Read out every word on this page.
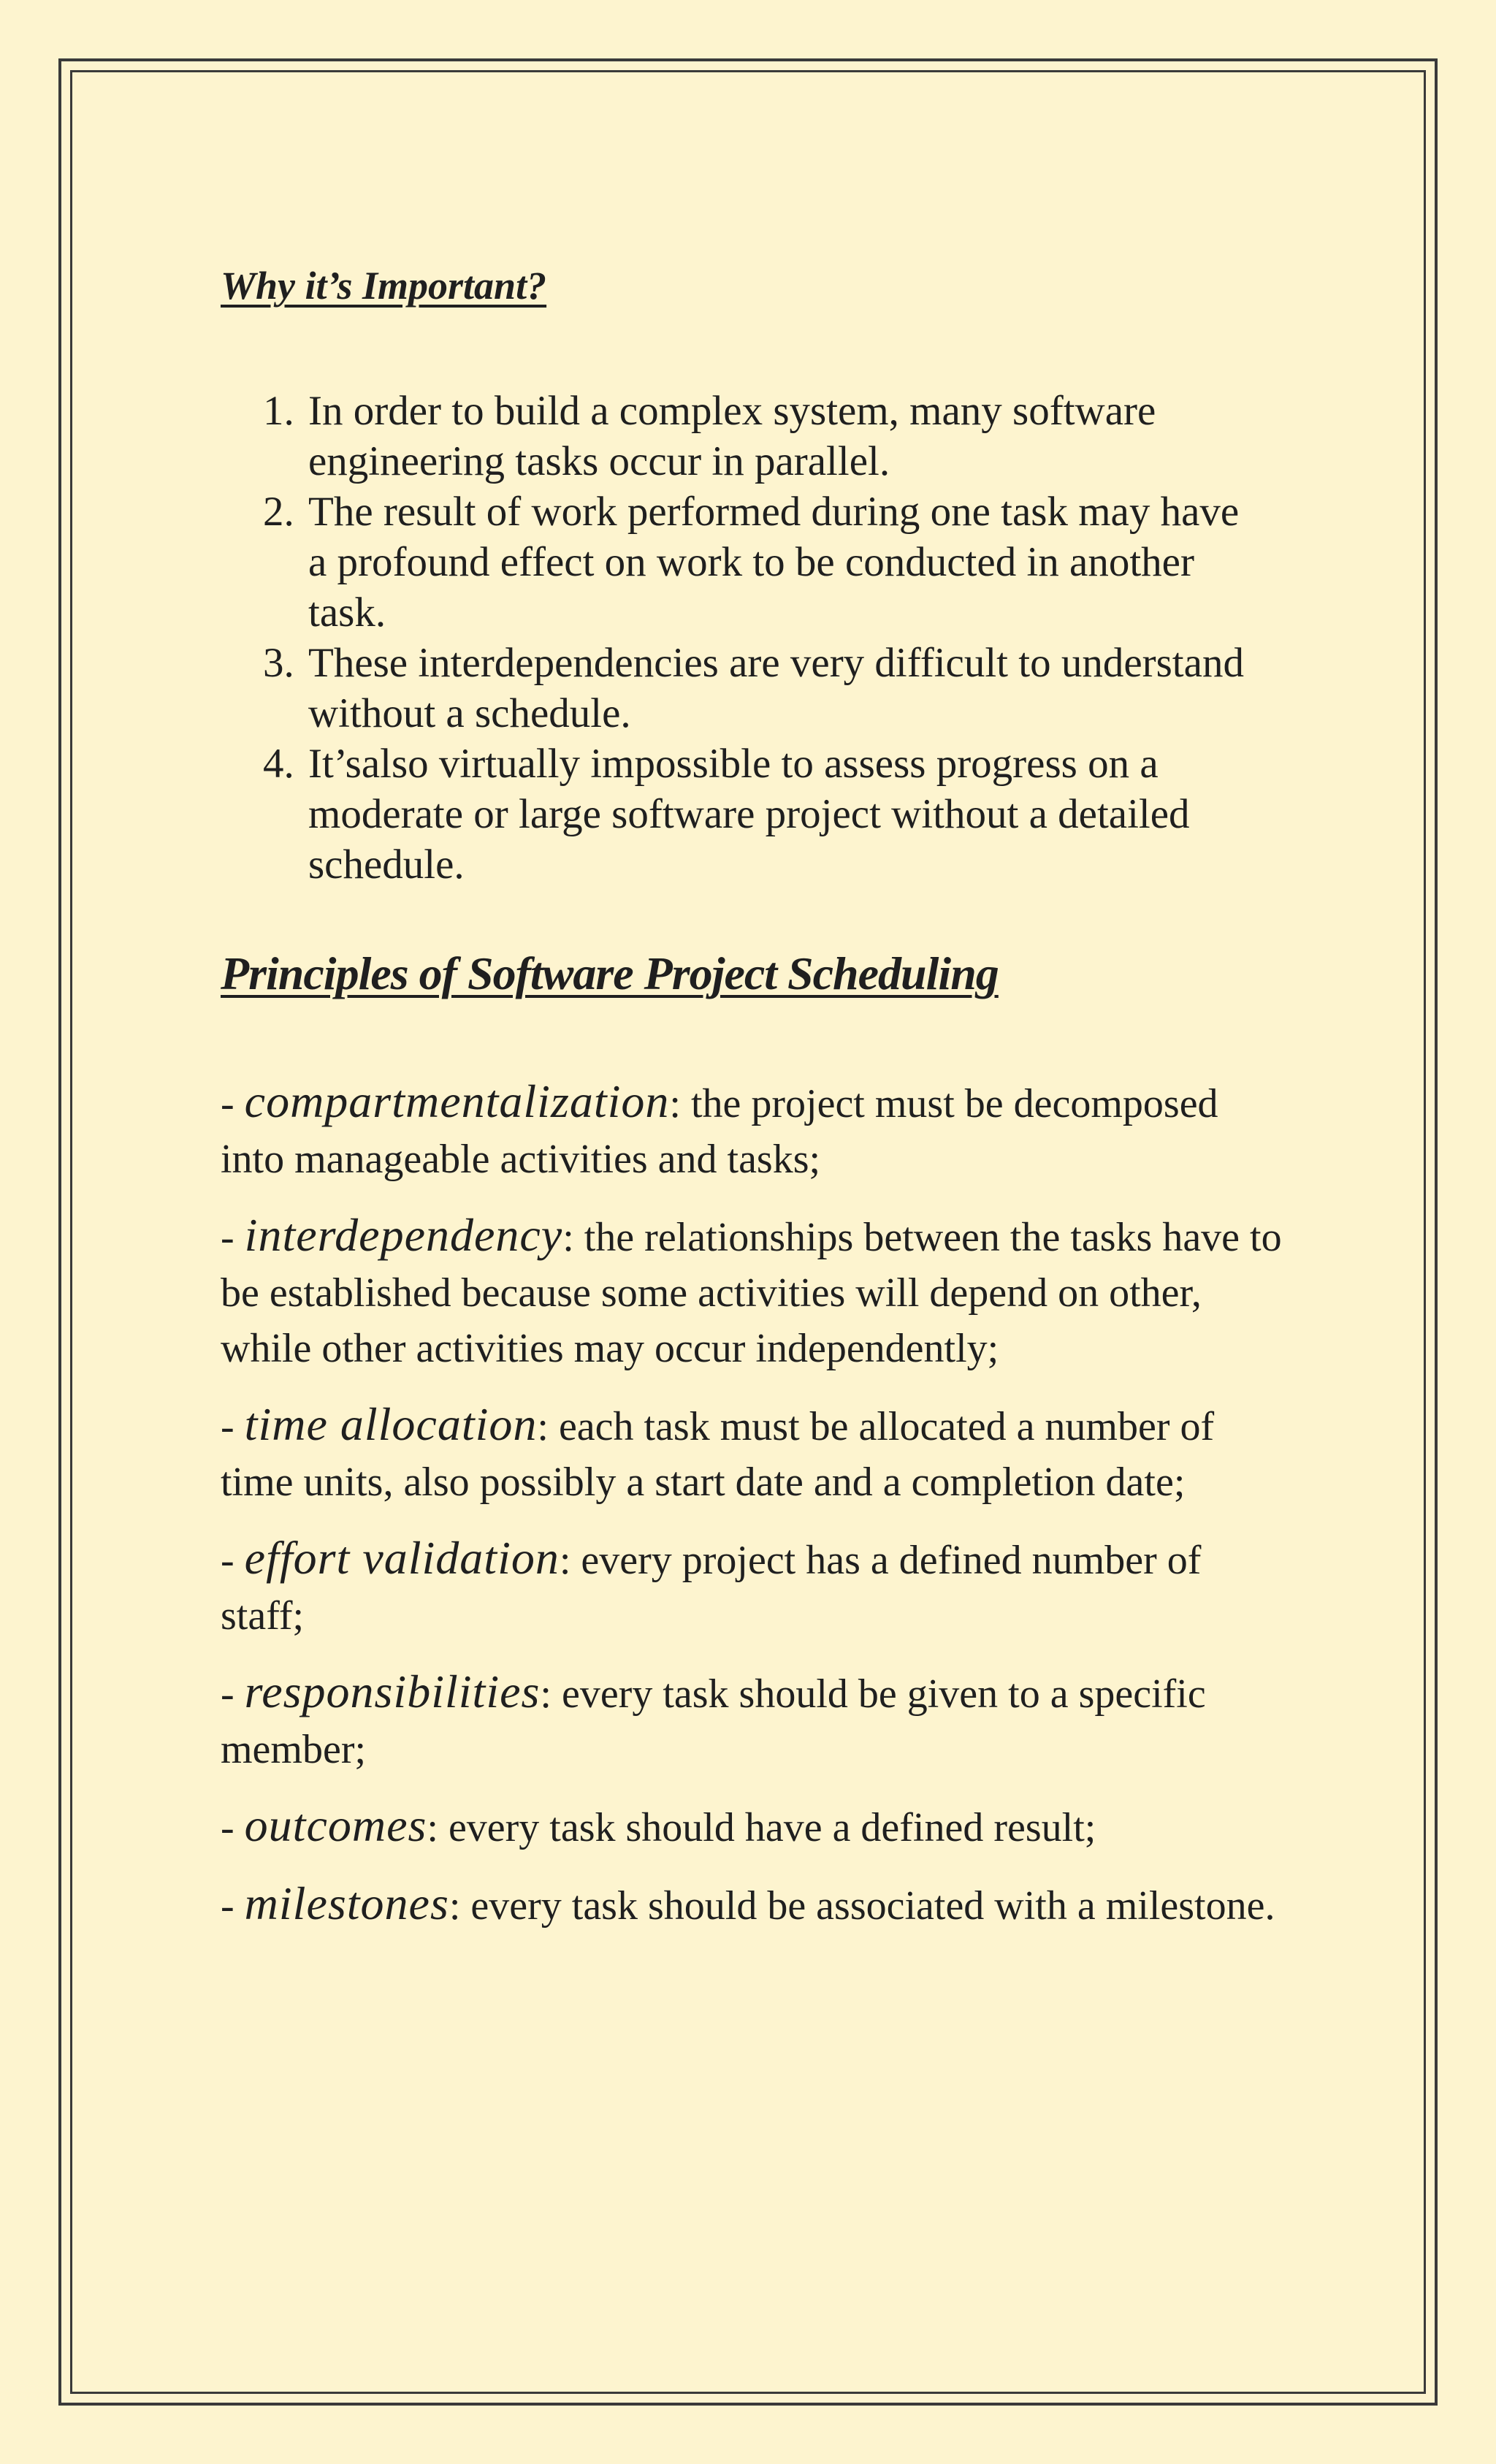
Why it’s Important?
1. In order to build a complex system, many software engineering tasks occur in parallel.
2. The result of work performed during one task may have a profound effect on work to be conducted in another task.
3. These interdependencies are very difficult to understand without a schedule.
4. It’salso virtually impossible to assess progress on a moderate or large software project without a detailed schedule.
Principles of Software Project Scheduling

- compartmentalization: the project must be decomposed into manageable activities and tasks;

- interdependency: the relationships between the tasks have to be established because some activities will depend on other, while other activities may occur independently;

- time allocation: each task must be allocated a number of time units, also possibly a start date and a completion date;

- effort validation: every project has a defined number of staff;

- responsibilities: every task should be given to a specific member;

- outcomes: every task should have a defined result;

- milestones: every task should be associated with a milestone.
